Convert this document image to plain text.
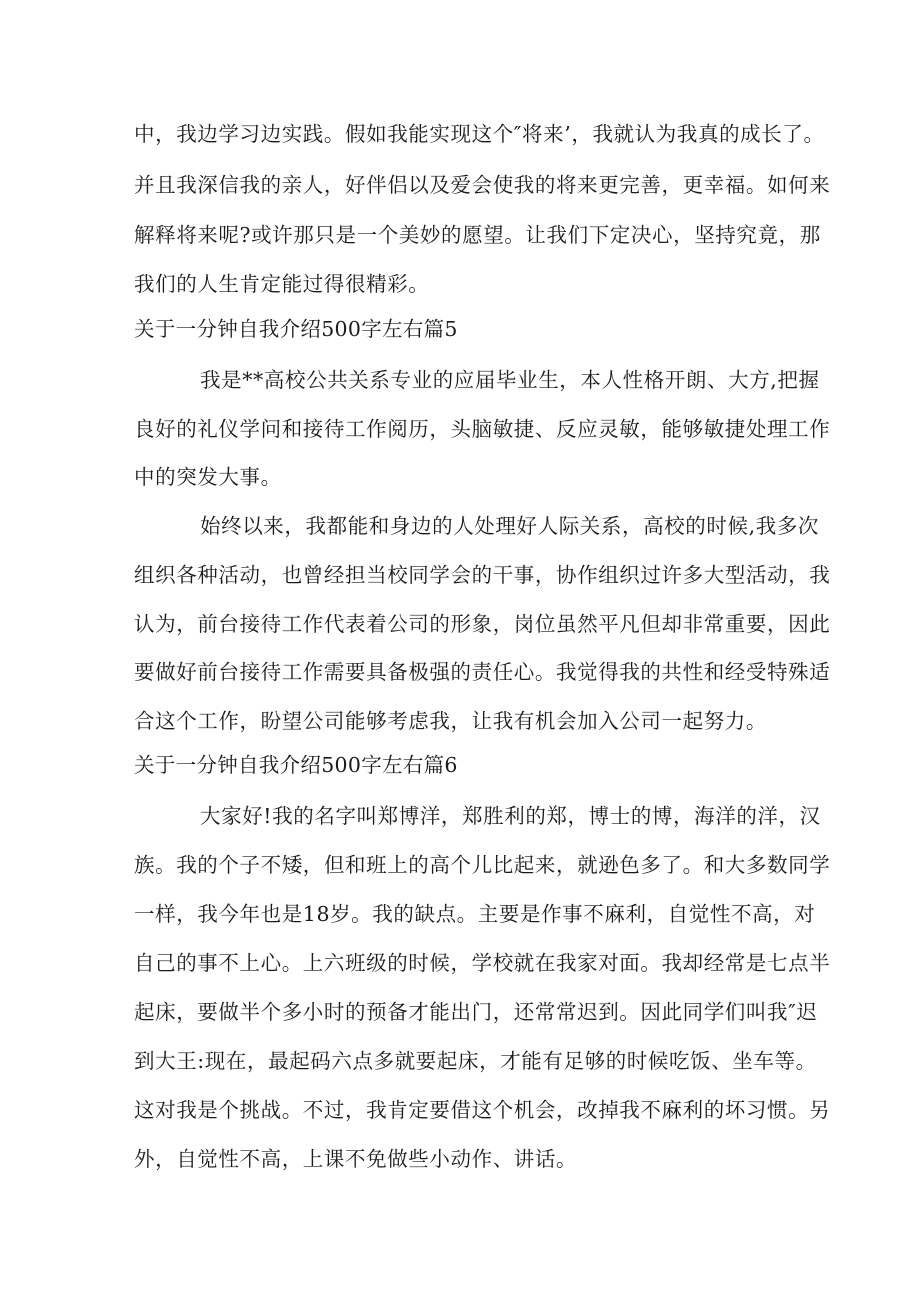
中，我边学习边实践。假如我能实现这个″将来’，我就认为我真的成长了。
并且我深信我的亲人，好伴侣以及爱会使我的将来更完善，更幸福。如何来
解释将来呢?或许那只是一个美妙的愿望。让我们下定决心，坚持究竟，那
我们的人生肯定能过得很精彩。
关于一分钟自我介绍500字左右篇5
我是**高校公共关系专业的应届毕业生，本人性格开朗、大方,把握
良好的礼仪学问和接待工作阅历，头脑敏捷、反应灵敏，能够敏捷处理工作
中的突发大事。
始终以来，我都能和身边的人处理好人际关系，高校的时候,我多次
组织各种活动，也曾经担当校同学会的干事，协作组织过许多大型活动，我
认为，前台接待工作代表着公司的形象，岗位虽然平凡但却非常重要，因此
要做好前台接待工作需要具备极强的责任心。我觉得我的共性和经受特殊适
合这个工作，盼望公司能够考虑我，让我有机会加入公司一起努力。
关于一分钟自我介绍500字左右篇6
大家好!我的名字叫郑博洋，郑胜利的郑，博士的博，海洋的洋，汉
族。我的个子不矮，但和班上的高个儿比起来，就逊色多了。和大多数同学
一样，我今年也是18岁。我的缺点。主要是作事不麻利，自觉性不高，对
自己的事不上心。上六班级的时候，学校就在我家对面。我却经常是七点半
起床，要做半个多小时的预备才能出门，还常常迟到。因此同学们叫我″迟
到大王:现在，最起码六点多就要起床，才能有足够的时候吃饭、坐车等。
这对我是个挑战。不过，我肯定要借这个机会，改掉我不麻利的坏习惯。另
外，自觉性不高，上课不免做些小动作、讲话。
